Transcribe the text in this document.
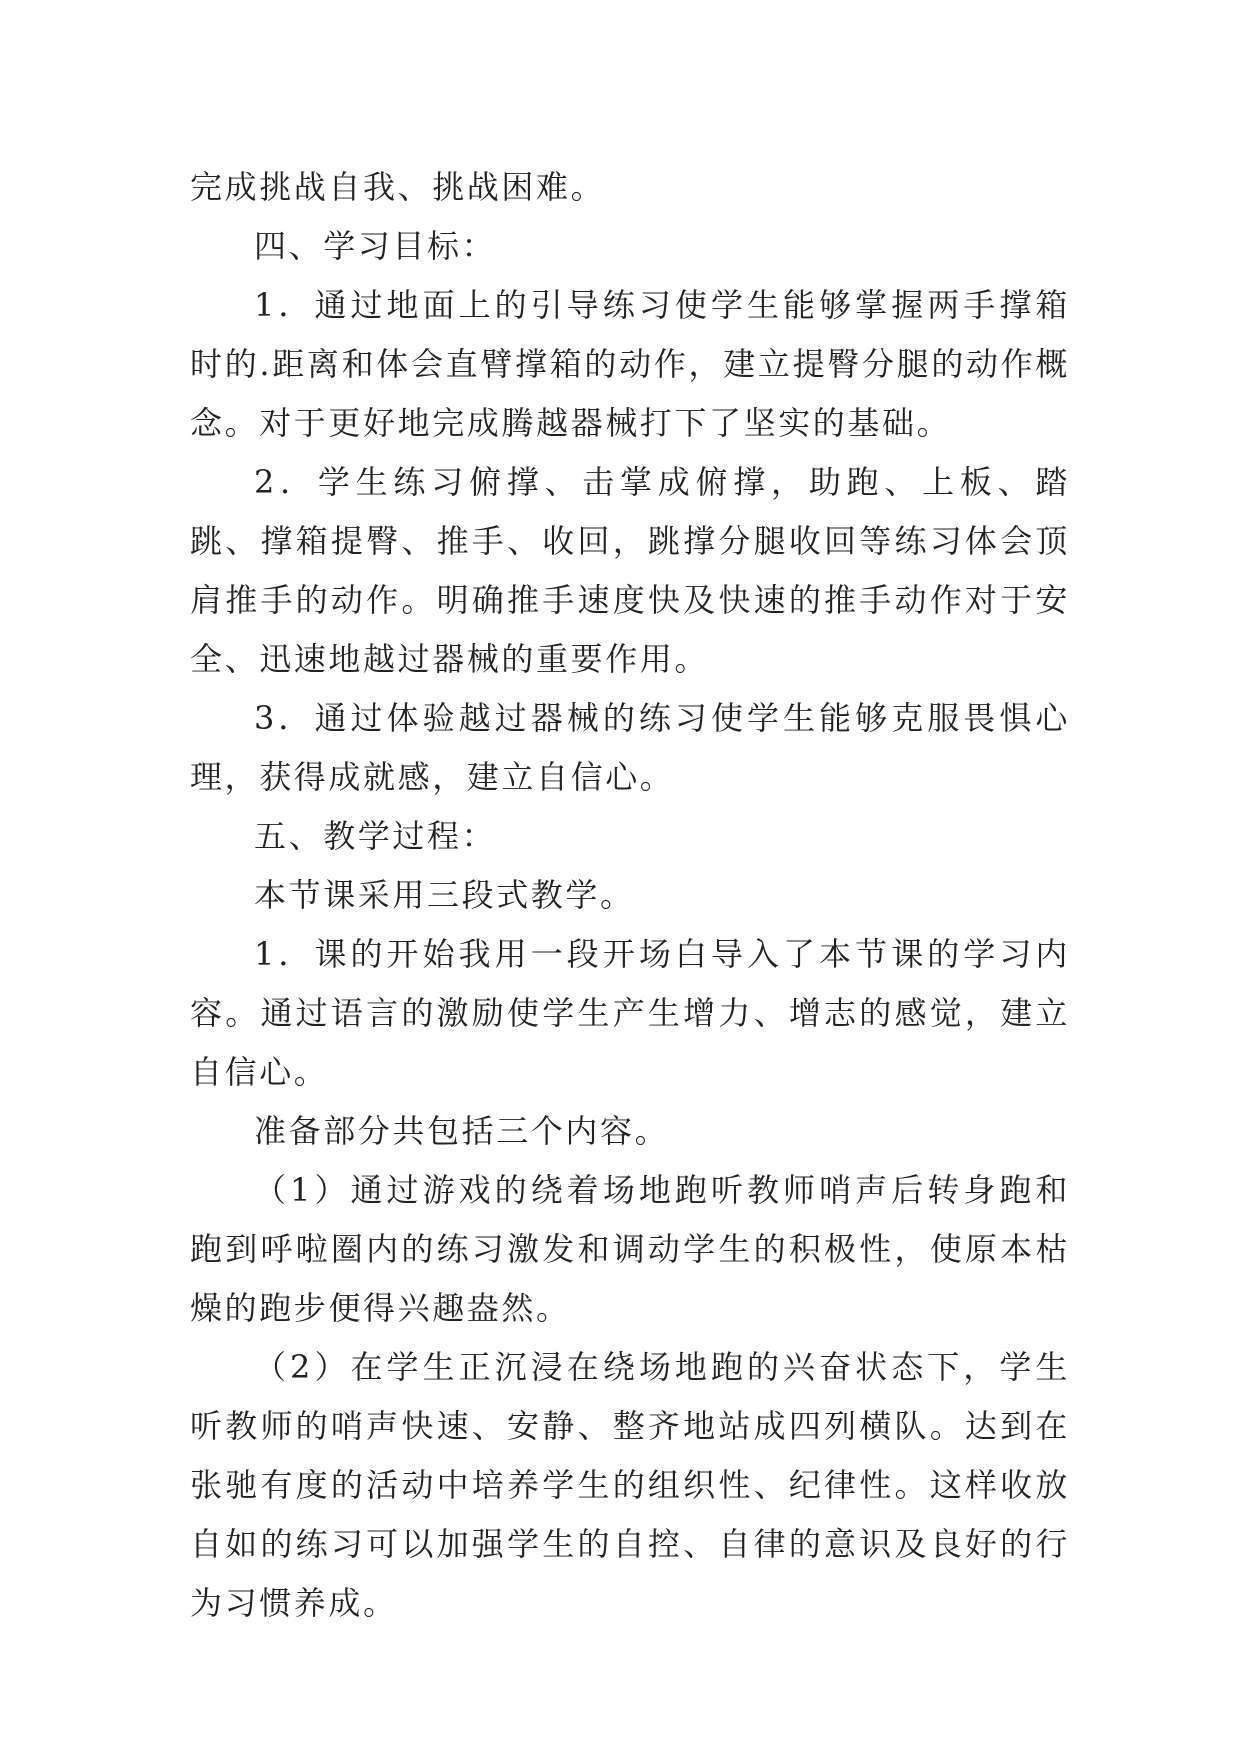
完成挑战自我、挑战困难。

四、学习目标：

1．通过地面上的引导练习使学生能够掌握两手撑箱时的.距离和体会直臂撑箱的动作，建立提臀分腿的动作概念。对于更好地完成腾越器械打下了坚实的基础。

2．学生练习俯撑、击掌成俯撑，助跑、上板、踏跳、撑箱提臀、推手、收回，跳撑分腿收回等练习体会顶肩推手的动作。明确推手速度快及快速的推手动作对于安全、迅速地越过器械的重要作用。

3．通过体验越过器械的练习使学生能够克服畏惧心理，获得成就感，建立自信心。

五、教学过程：

本节课采用三段式教学。

1．课的开始我用一段开场白导入了本节课的学习内容。通过语言的激励使学生产生增力、增志的感觉，建立自信心。

准备部分共包括三个内容。

（1）通过游戏的绕着场地跑听教师哨声后转身跑和跑到呼啦圈内的练习激发和调动学生的积极性，使原本枯燥的跑步便得兴趣盎然。

（2）在学生正沉浸在绕场地跑的兴奋状态下，学生听教师的哨声快速、安静、整齐地站成四列横队。达到在张驰有度的活动中培养学生的组织性、纪律性。这样收放自如的练习可以加强学生的自控、自律的意识及良好的行为习惯养成。
